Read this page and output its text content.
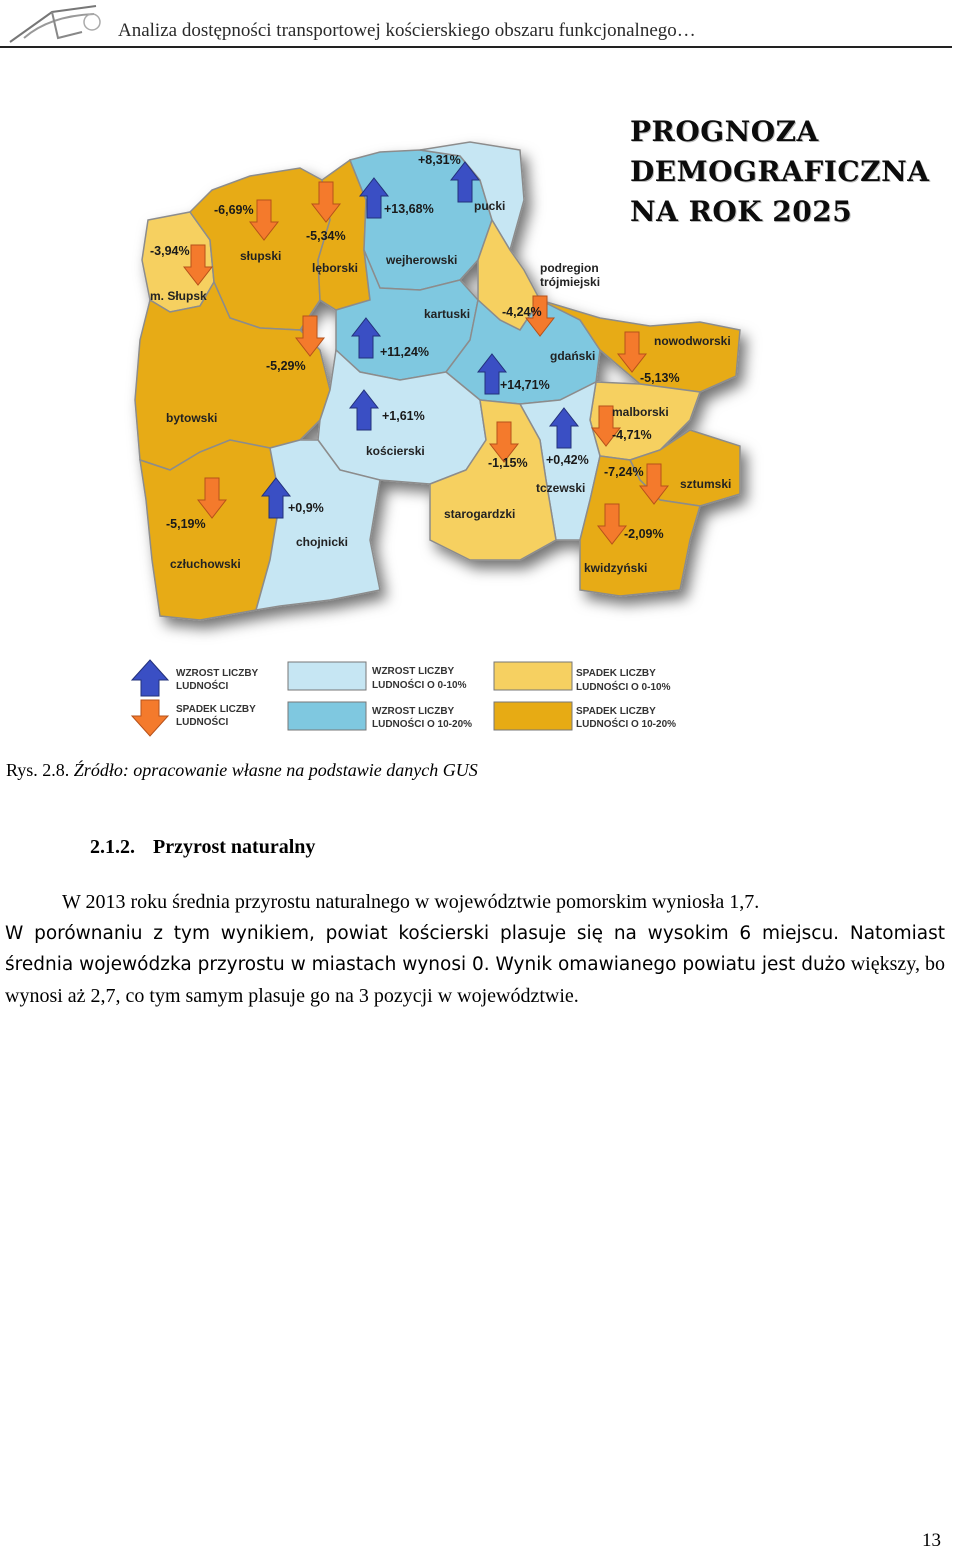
Analiza dostępności transportowej kościerskiego obszaru funkcjonalnego…
m. Słupsk
-3,94%	słupski
-6,69%
lęborski
-5,34%
wejherowski
+13,68%	pucki
+8,31%
podregion
trójmiejski
-4,24%
kartuski
+11,24%
bytowski
-5,29%
gdański
+14,71%
nowodworski
-5,13%
kościerski
+1,61%	malborski
-4,71%
starogardzki
-1,15%
tczewski
+0,42%
sztumski
-7,24%
człuchowski
-5,19%
chojnicki
+0,9%
kwidzyński
-2,09%
WZROST LICZBY
LUDNOŚCI
SPADEK LICZBY
LUDNOŚCI
WZROST LICZBY
LUDNOŚCI O 0-10%
WZROST LICZBY
LUDNOŚCI O 10-20%
SPADEK LICZBY
LUDNOŚCI O 0-10%
SPADEK LICZBY
LUDNOŚCI O 10-20%
PROGNOZA
DEMOGRAFICZNA
NA ROK 2025
Rys. 2.8. Źródło: opracowanie własne na podstawie danych GUS
2.1.2. Przyrost naturalny
W 2013 roku średnia przyrostu naturalnego w województwie pomorskim wyniosła 1,7.
W porównaniu z tym wynikiem, powiat kościerski plasuje się na wysokim 6 miejscu. Natomiast średnia wojewódzka przyrostu w miastach wynosi 0. Wynik omawianego powiatu jest dużo większy, bo wynosi aż 2,7, co tym samym plasuje go na 3 pozycji w województwie.
13
